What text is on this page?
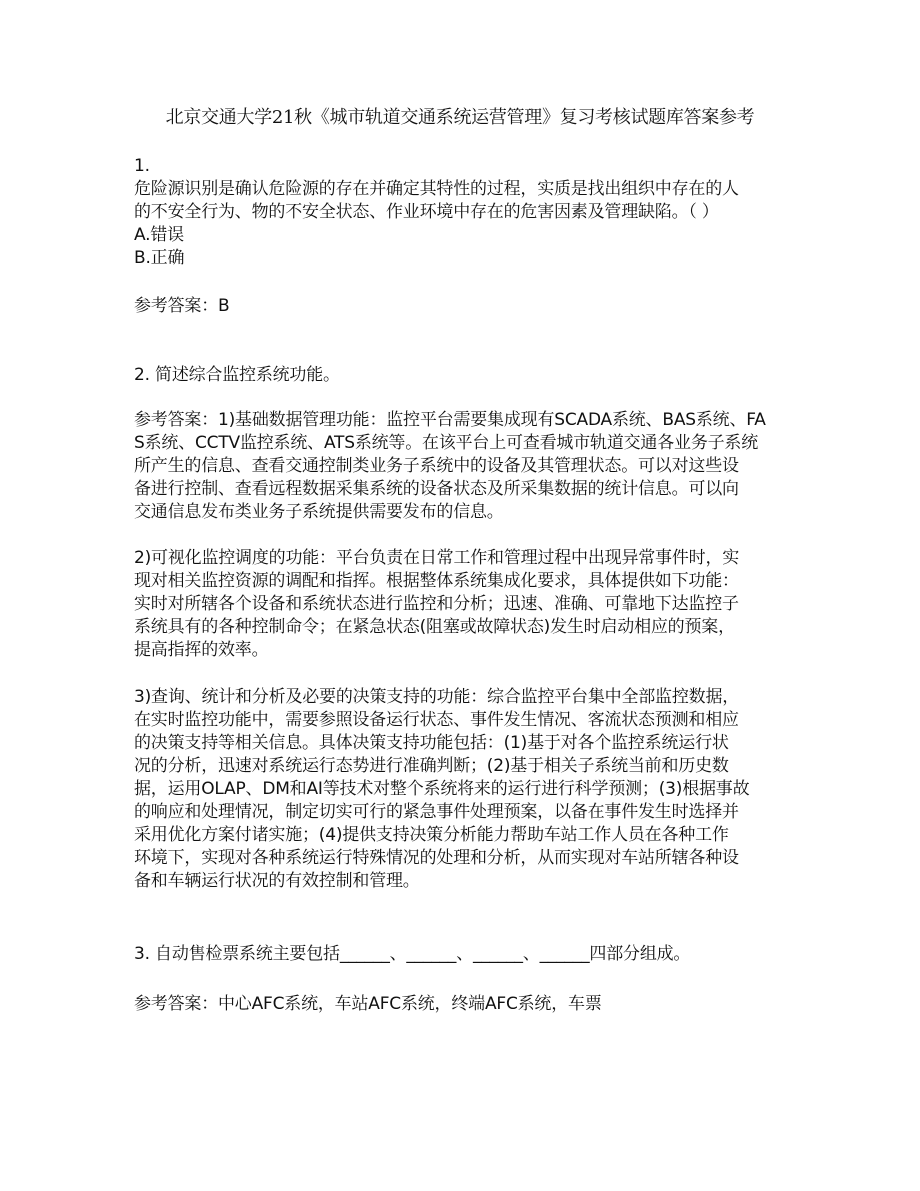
北京交通大学21秋《城市轨道交通系统运营管理》复习考核试题库答案参考
1.
危险源识别是确认危险源的存在并确定其特性的过程，实质是找出组织中存在的人
的不安全行为、物的不安全状态、作业环境中存在的危害因素及管理缺陷。（ ）
A.错误
B.正确
参考答案：B
2. 简述综合监控系统功能。
参考答案：1)基础数据管理功能：监控平台需要集成现有SCADA系统、BAS系统、FA
S系统、CCTV监控系统、ATS系统等。在该平台上可查看城市轨道交通各业务子系统
所产生的信息、查看交通控制类业务子系统中的设备及其管理状态。可以对这些设
备进行控制、查看远程数据采集系统的设备状态及所采集数据的统计信息。可以向
交通信息发布类业务子系统提供需要发布的信息。
2)可视化监控调度的功能：平台负责在日常工作和管理过程中出现异常事件时，实
现对相关监控资源的调配和指挥。根据整体系统集成化要求，具体提供如下功能：
实时对所辖各个设备和系统状态进行监控和分析；迅速、准确、可靠地下达监控子
系统具有的各种控制命令；在紧急状态(阻塞或故障状态)发生时启动相应的预案，
提高指挥的效率。
3)查询、统计和分析及必要的决策支持的功能：综合监控平台集中全部监控数据，
在实时监控功能中，需要参照设备运行状态、事件发生情况、客流状态预测和相应
的决策支持等相关信息。具体决策支持功能包括：(1)基于对各个监控系统运行状
况的分析，迅速对系统运行态势进行准确判断；(2)基于相关子系统当前和历史数
据，运用OLAP、DM和AI等技术对整个系统将来的运行进行科学预测；(3)根据事故
的响应和处理情况，制定切实可行的紧急事件处理预案，以备在事件发生时选择并
采用优化方案付诸实施；(4)提供支持决策分析能力帮助车站工作人员在各种工作
环境下，实现对各种系统运行特殊情况的处理和分析，从而实现对车站所辖各种设
备和车辆运行状况的有效控制和管理。
3. 自动售检票系统主要包括______、______、______、______四部分组成。
参考答案：中心AFC系统，车站AFC系统，终端AFC系统，车票
